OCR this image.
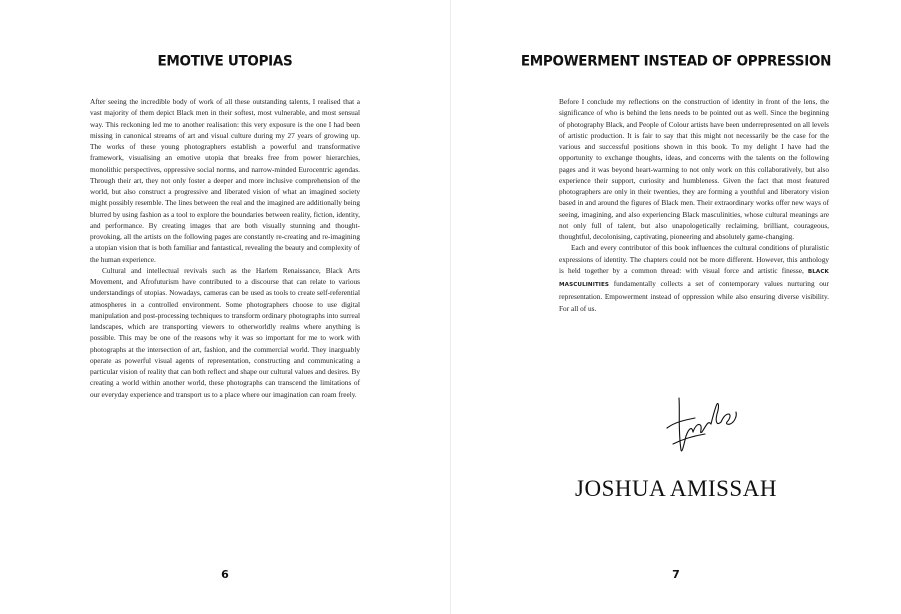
EMOTIVE UTOPIAS

After seeing the incredible body of work of all these outstanding talents, I realised that a vast majority of them depict Black men in their softest, most vulnerable, and most sensual way. This reckoning led me to another realisation: this very exposure is the one I had been missing in canonical streams of art and visual culture during my 27 years of growing up. The works of these young photographers establish a powerful and transformative framework, visualising an emotive utopia that breaks free from power hierarchies, monolithic perspectives, oppressive social norms, and narrow-minded Eurocentric agendas. Through their art, they not only foster a deeper and more inclusive comprehension of the world, but also construct a progressive and liberated vision of what an imagined society might possibly resemble. The lines between the real and the imagined are additionally being blurred by using fashion as a tool to explore the boundaries between reality, fiction, identity, and performance. By creating images that are both visually stunning and thought-provoking, all the artists on the following pages are constantly re-creating and re-imagining a utopian vision that is both familiar and fantastical, revealing the beauty and complexity of the human experience.

Cultural and intellectual revivals such as the Harlem Renaissance, Black Arts Movement, and Afrofuturism have contributed to a discourse that can relate to various understandings of utopias. Nowadays, cameras can be used as tools to create self-referential atmospheres in a controlled environment. Some photographers choose to use digital manipulation and post-processing techniques to transform ordinary photographs into surreal landscapes, which are transporting viewers to otherworldly realms where anything is possible. This may be one of the reasons why it was so important for me to work with photographs at the intersection of art, fashion, and the commercial world. They inarguably operate as powerful visual agents of representation, constructing and communicating a particular vision of reality that can both reflect and shape our cultural values and desires. By creating a world within another world, these photographs can transcend the limitations of our everyday experience and transport us to a place where our imagination can roam freely.

6
EMPOWERMENT INSTEAD OF OPPRESSION

Before I conclude my reflections on the construction of identity in front of the lens, the significance of who is behind the lens needs to be pointed out as well. Since the beginning of photography Black, and People of Colour artists have been underrepresented on all levels of artistic production. It is fair to say that this might not necessarily be the case for the various and successful positions shown in this book. To my delight I have had the opportunity to exchange thoughts, ideas, and concerns with the talents on the following pages and it was beyond heart-warming to not only work on this collaboratively, but also experience their support, curiosity and humbleness. Given the fact that most featured photographers are only in their twenties, they are forming a youthful and liberatory vision based in and around the figures of Black men. Their extraordinary works offer new ways of seeing, imagining, and also experiencing Black masculinities, whose cultural meanings are not only full of talent, but also unapologetically reclaiming, brilliant, courageous, thoughtful, decolonising, captivating, pioneering and absolutely game-changing.

Each and every contributor of this book influences the cultural conditions of pluralistic expressions of identity. The chapters could not be more different. However, this anthology is held together by a common thread: with visual force and artistic finesse, BLACK MASCULINITIES fundamentally collects a set of contemporary values nurturing our representation. Empowerment instead of oppression while also ensuring diverse visibility. For all of us.

JOSHUA AMISSAH
7
